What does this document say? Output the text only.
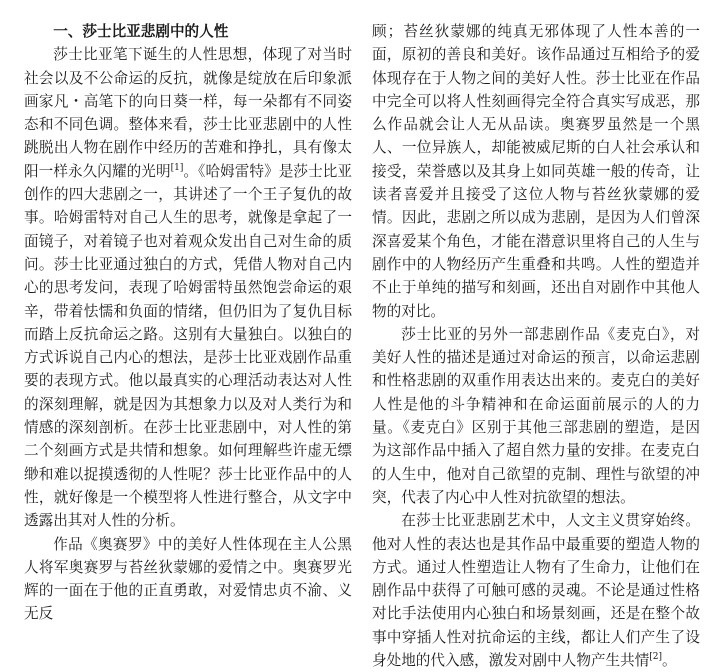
一、莎士比亚悲剧中的人性

莎士比亚笔下诞生的人性思想，体现了对当时社会以及不公命运的反抗，就像是绽放在后印象派画家凡・高笔下的向日葵一样，每一朵都有不同姿态和不同色调。整体来看，莎士比亚悲剧中的人性跳脱出人物在剧作中经历的苦难和挣扎，具有像太阳一样永久闪耀的光明[1]。《哈姆雷特》是莎士比亚创作的四大悲剧之一，其讲述了一个王子复仇的故事。哈姆雷特对自己人生的思考，就像是拿起了一面镜子，对着镜子也对着观众发出自己对生命的质问。莎士比亚通过独白的方式，凭借人物对自己内心的思考发问，表现了哈姆雷特虽然饱尝命运的艰辛，带着怯懦和负面的情绪，但仍旧为了复仇目标而踏上反抗命运之路。这别有大量独白。以独白的方式诉说自己内心的想法，是莎士比亚戏剧作品重要的表现方式。他以最真实的心理活动表达对人性的深刻理解，就是因为其想象力以及对人类行为和情感的深刻剖析。在莎士比亚悲剧中，对人性的第二个刻画方式是共情和想象。如何理解些许虚无缥缈和难以捉摸透彻的人性呢？莎士比亚作品中的人性，就好像是一个模型将人性进行整合，从文字中透露出其对人性的分析。

作品《奥赛罗》中的美好人性体现在主人公黑人将军奥赛罗与苔丝狄蒙娜的爱情之中。奥赛罗光辉的一面在于他的正直勇敢，对爱情忠贞不渝、义无反

顾；苔丝狄蒙娜的纯真无邪体现了人性本善的一面，原初的善良和美好。该作品通过互相给予的爱体现存在于人物之间的美好人性。莎士比亚在作品中完全可以将人性刻画得完全符合真实写成恶，那么作品就会让人无从品读。奥赛罗虽然是一个黑人、一位异族人，却能被威尼斯的白人社会承认和接受，荣誉感以及其身上如同英雄一般的传奇，让读者喜爱并且接受了这位人物与苔丝狄蒙娜的爱情。因此，悲剧之所以成为悲剧，是因为人们曾深深喜爱某个角色，才能在潜意识里将自己的人生与剧作中的人物经历产生重叠和共鸣。人性的塑造并不止于单纯的描写和刻画，还出自对剧作中其他人物的对比。

莎士比亚的另外一部悲剧作品《麦克白》，对美好人性的描述是通过对命运的预言，以命运悲剧和性格悲剧的双重作用表达出来的。麦克白的美好人性是他的斗争精神和在命运面前展示的人的力量。《麦克白》区别于其他三部悲剧的塑造，是因为这部作品中插入了超自然力量的安排。在麦克白的人生中，他对自己欲望的克制、理性与欲望的冲突，代表了内心中人性对抗欲望的想法。

在莎士比亚悲剧艺术中，人文主义贯穿始终。他对人性的表达也是其作品中最重要的塑造人物的方式。通过人性塑造让人物有了生命力，让他们在剧作品中获得了可触可感的灵魂。不论是通过性格对比手法使用内心独白和场景刻画，还是在整个故事中穿插人性对抗命运的主线，都让人们产生了设身处地的代入感，激发对剧中人物产生共情[2]。
